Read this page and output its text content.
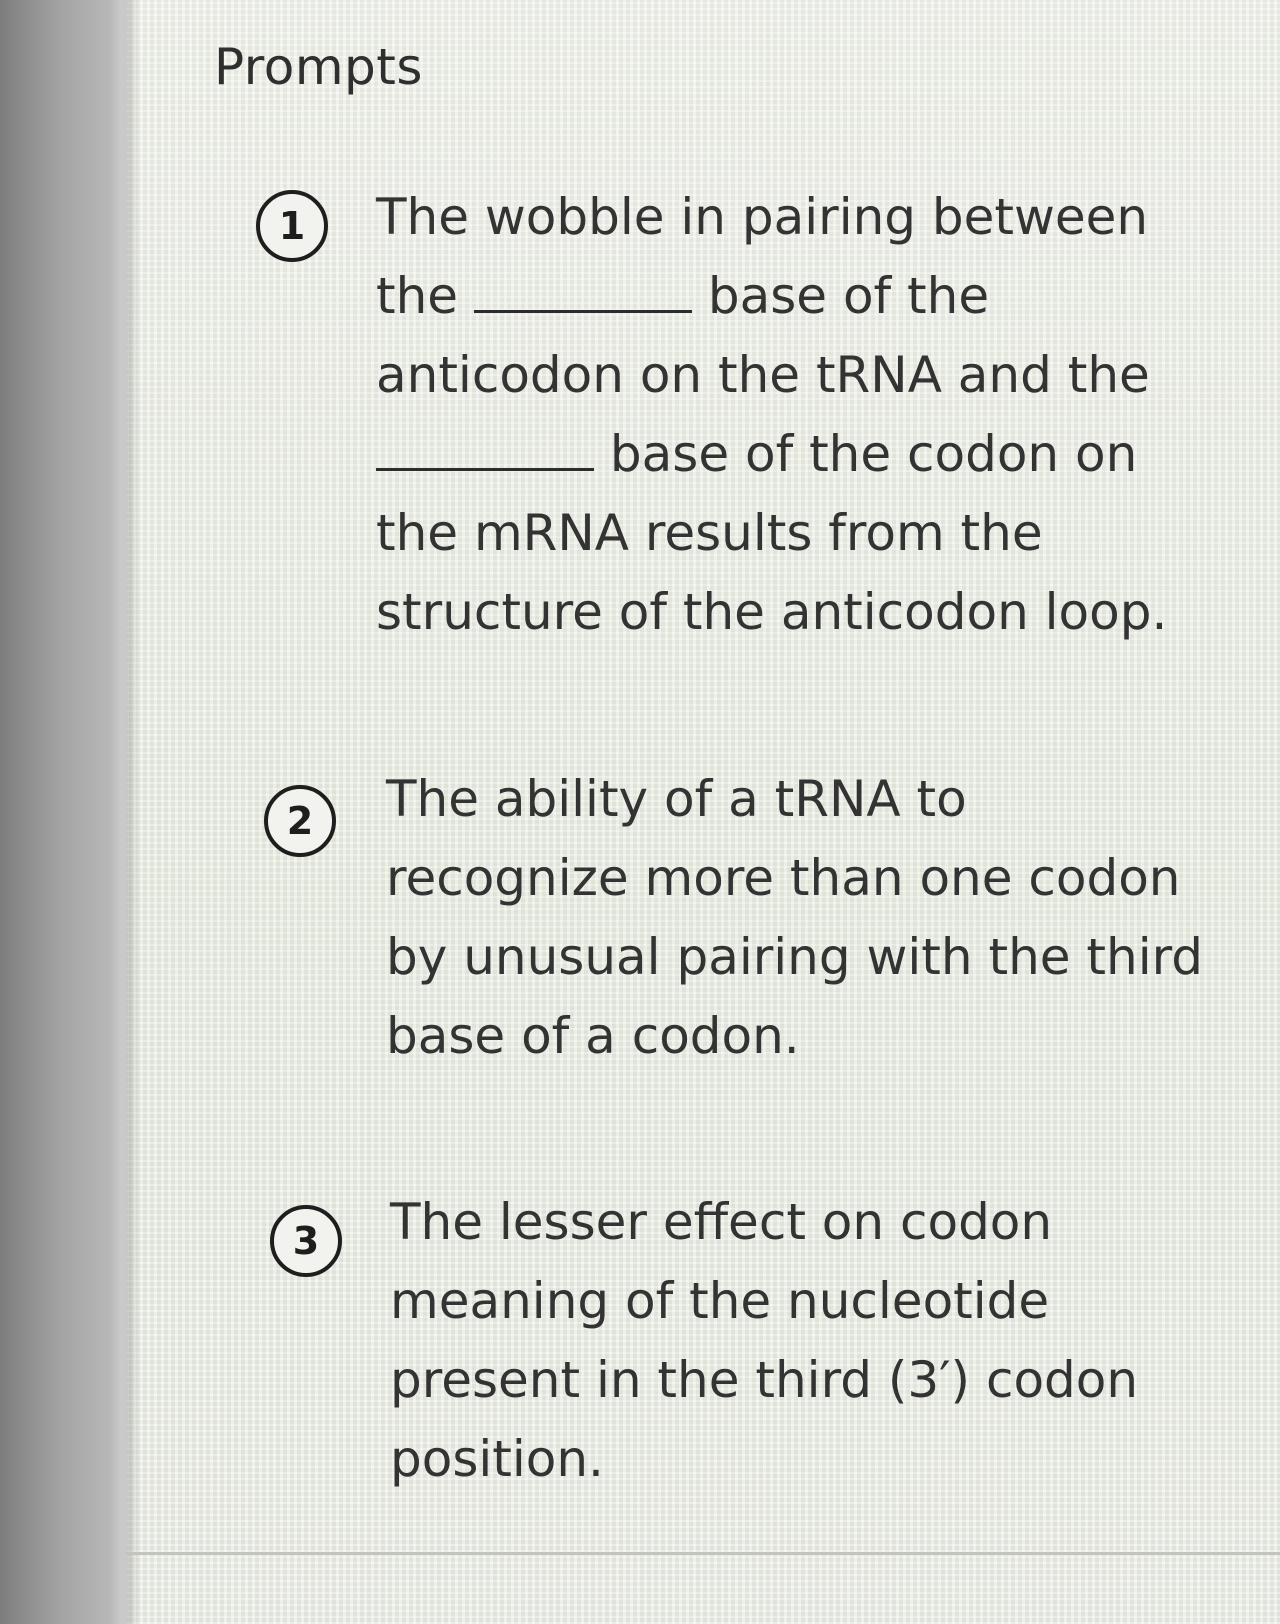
Prompts
1	The wobble in pairing between the	base of the anticodon on the tRNA and the  base of the codon on the mRNA results from the structure of the anticodon loop.
2	The ability of a tRNA to recognize more than one codon by unusual pairing with the third base of a codon.
3	The lesser effect on codon meaning of the nucleotide present in the third (3′) codon position.
